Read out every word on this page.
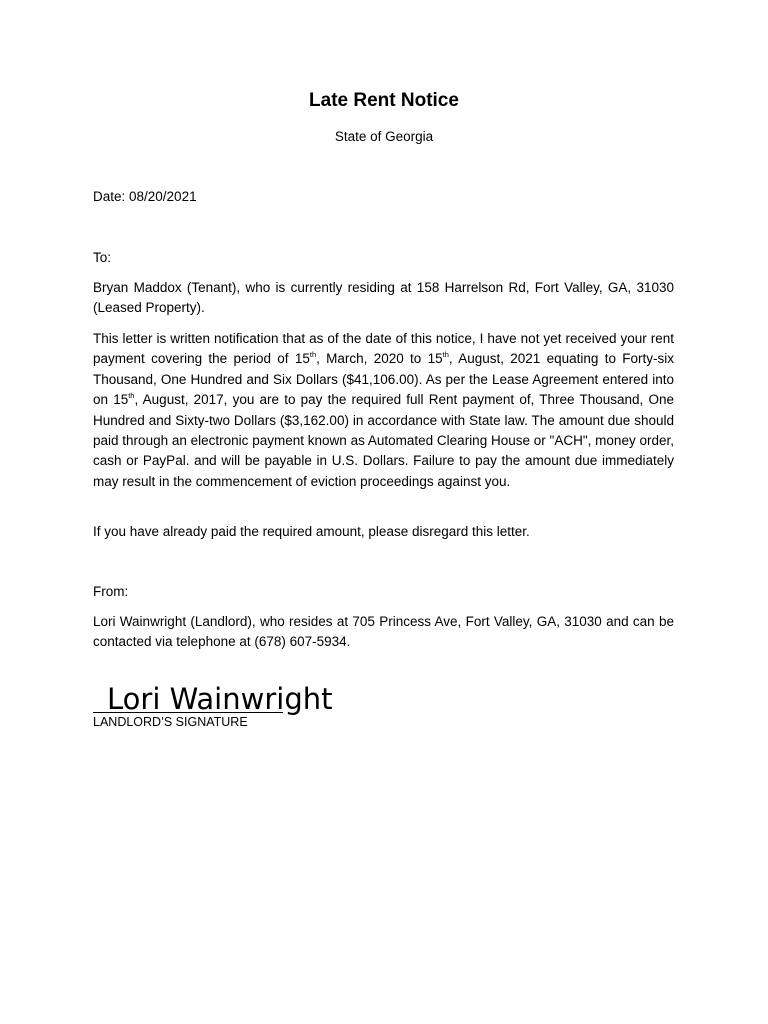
Late Rent Notice
State of Georgia

Date: 08/20/2021

To:

Bryan Maddox (Tenant), who is currently residing at 158 Harrelson Rd, Fort Valley, GA, 31030 (Leased Property).

This letter is written notification that as of the date of this notice, I have not yet received your rent payment covering the period of 15th, March, 2020 to 15th, August, 2021 equating to Forty-six Thousand, One Hundred and Six Dollars ($41,106.00). As per the Lease Agreement entered into on 15th, August, 2017, you are to pay the required full Rent payment of, Three Thousand, One Hundred and Sixty-two Dollars ($3,162.00) in accordance with State law. The amount due should paid through an electronic payment known as Automated Clearing House or "ACH", money order, cash or PayPal. and will be payable in U.S. Dollars. Failure to pay the amount due immediately may result in the commencement of eviction proceedings against you.

If you have already paid the required amount, please disregard this letter.

From:

Lori Wainwright (Landlord), who resides at 705 Princess Ave, Fort Valley, GA, 31030 and can be contacted via telephone at (678) 607-5934.

Lori Wainwright
LANDLORD’S SIGNATURE
